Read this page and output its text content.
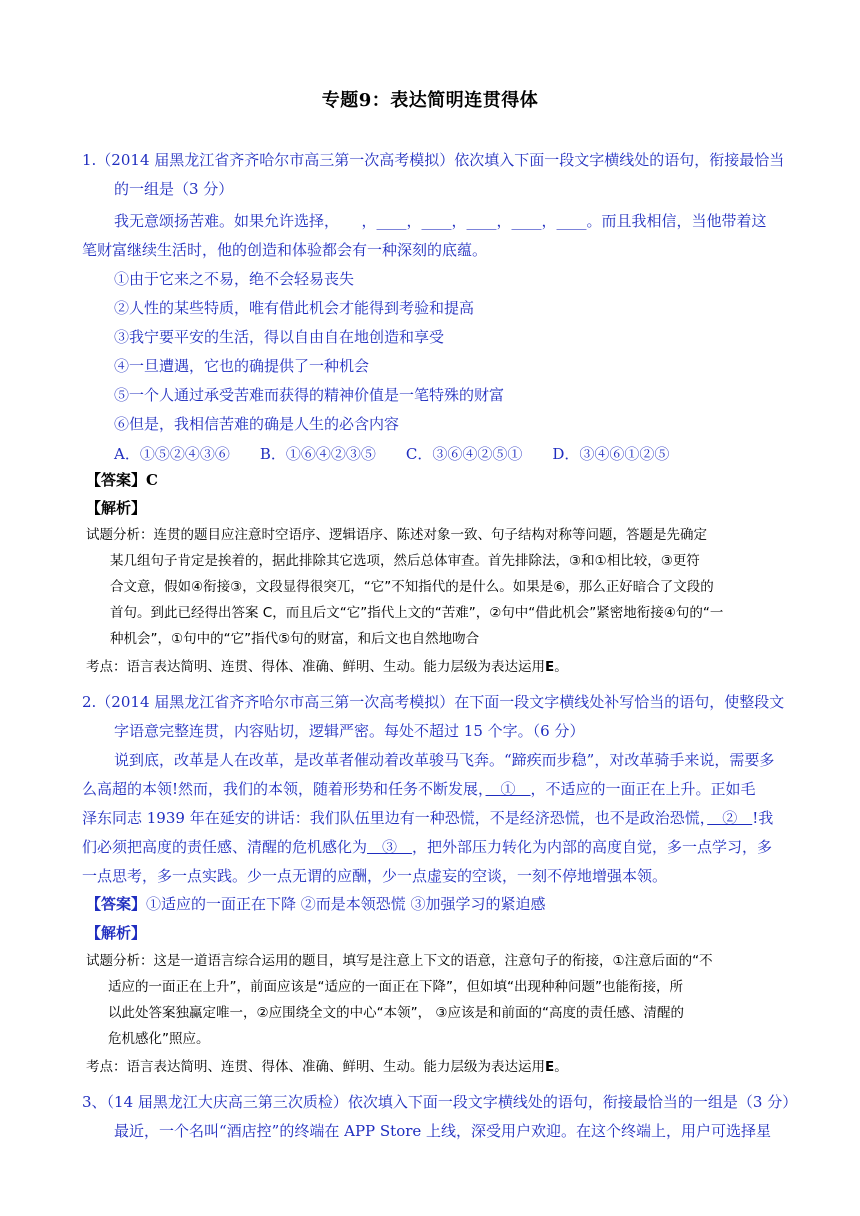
专题9：表达简明连贯得体
1.（2014 届黑龙江省齐齐哈尔市高三第一次高考模拟）依次填入下面一段文字横线处的语句，衔接最恰当
的一组是（3 分）
我无意颂扬苦难。如果允许选择，　　，____，____，____，____，____。而且我相信，当他带着这
笔财富继续生活时，他的创造和体验都会有一种深刻的底蕴。
①由于它来之不易，绝不会轻易丧失
②人性的某些特质，唯有借此机会才能得到考验和提高
③我宁要平安的生活，得以自由自在地创造和享受
④一旦遭遇，它也的确提供了一种机会
⑤一个人通过承受苦难而获得的精神价值是一笔特殊的财富
⑥但是，我相信苦难的确是人生的必含内容
A．①⑤②④③⑥　　B．①⑥④②③⑤　　C．③⑥④②⑤①　　D．③④⑥①②⑤
【答案】C
【解析】
试题分析：连贯的题目应注意时空语序、逻辑语序、陈述对象一致、句子结构对称等问题，答题是先确定
某几组句子肯定是挨着的，据此排除其它选项，然后总体审查。首先排除法，③和①相比较，③更符
合文意，假如④衔接③，文段显得很突兀，“它”不知指代的是什么。如果是⑥，那么正好暗合了文段的
首句。到此已经得出答案 C，而且后文“它”指代上文的“苦难”，②句中“借此机会”紧密地衔接④句的“一
种机会”，①句中的“它”指代⑤句的财富，和后文也自然地吻合
考点：语言表达简明、连贯、得体、准确、鲜明、生动。能力层级为表达运用E。
2.（2014 届黑龙江省齐齐哈尔市高三第一次高考模拟）在下面一段文字横线处补写恰当的语句，使整段文
字语意完整连贯，内容贴切，逻辑严密。每处不超过 15 个字。（6 分）
说到底，改革是人在改革，是改革者催动着改革骏马飞奔。“蹄疾而步稳”，对改革骑手来说，需要多
么高超的本领!然而，我们的本领，随着形势和任务不断发展，　①　，不适应的一面正在上升。正如毛
泽东同志 1939 年在延安的讲话：我们队伍里边有一种恐慌，不是经济恐慌，也不是政治恐慌，　②　!我
们必须把高度的责任感、清醒的危机感化为　③　，把外部压力转化为内部的高度自觉，多一点学习，多
一点思考，多一点实践。少一点无谓的应酬，少一点虚妄的空谈，一刻不停地增强本领。
【答案】①适应的一面正在下降 ②而是本领恐慌 ③加强学习的紧迫感
【解析】
试题分析：这是一道语言综合运用的题目，填写是注意上下文的语意，注意句子的衔接，①注意后面的“不
适应的一面正在上升”，前面应该是“适应的一面正在下降”，但如填“出现种种问题”也能衔接，所
以此处答案独赢定唯一，②应围绕全文的中心“本领”， ③应该是和前面的“高度的责任感、清醒的
危机感化”照应。
考点：语言表达简明、连贯、得体、准确、鲜明、生动。能力层级为表达运用E。
3、（14 届黑龙江大庆高三第三次质检）依次填入下面一段文字横线处的语句，衔接最恰当的一组是（3 分）
最近，一个名叫“酒店控”的终端在 APP Store 上线，深受用户欢迎。在这个终端上，用户可选择星
